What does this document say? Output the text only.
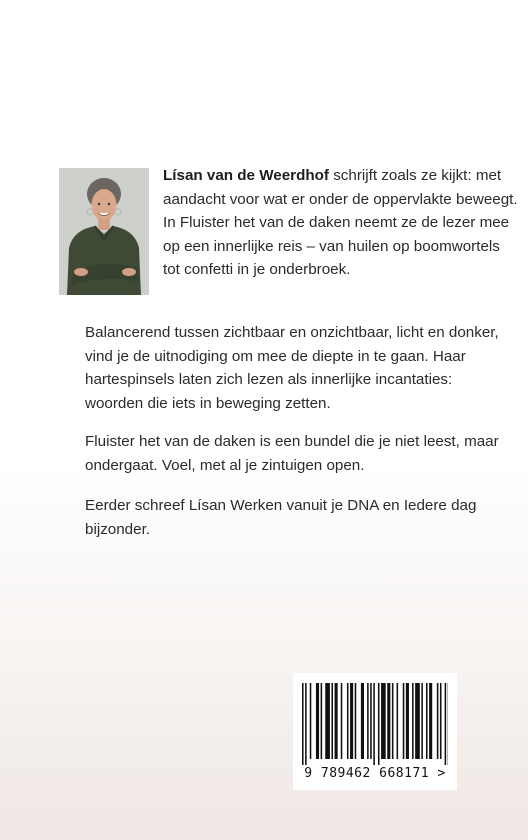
Lísan van de Weerdhof schrijft zoals ze kijkt: met aandacht voor wat er onder de oppervlakte beweegt. In Fluister het van de daken neemt ze de lezer mee op een innerlijke reis – van huilen op boomwortels tot confetti in je onderbroek.

Balancerend tussen zichtbaar en onzichtbaar, licht en donker, vind je de uitnodiging om mee de diepte in te gaan. Haar hartespinsels laten zich lezen als innerlijke incantaties: woorden die iets in beweging zetten.

Fluister het van de daken is een bundel die je niet leest, maar ondergaat. Voel, met al je zintuigen open.

Eerder schreef Lísan Werken vanuit je DNA en Iedere dag bijzonder.

9 789462 668171 >
